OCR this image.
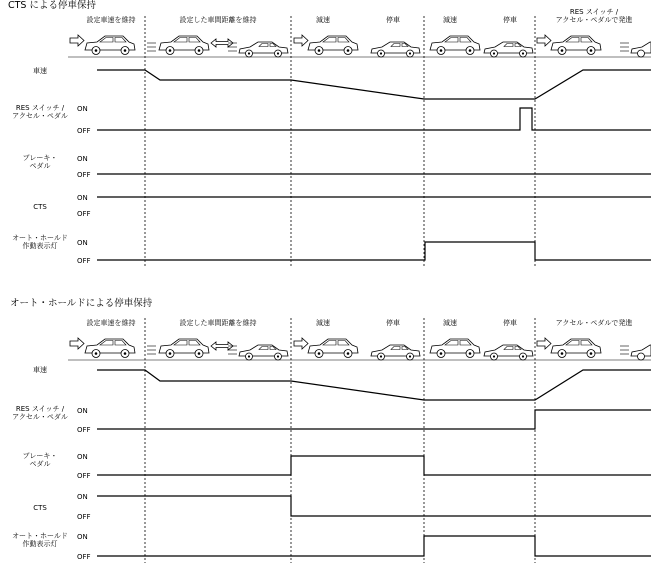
CTS による停車保持
設定車速を維持	設定した車間距離を維持	減速	停車	減速	停車
RES スイッチ /アクセル・ペダルで発進
車速
RES スイッチ /アクセル・ペダル
ON
OFF
ブレーキ・ペダル
ON
OFF
CTS
ON
OFF
オート・ホールド作動表示灯	ON
OFF
オート・ホールドによる停車保持
設定車速を維持	設定した車間距離を維持	減速	停車	減速	停車	アクセル・ペダルで発進
車速
RES スイッチ /アクセル・ペダル
ON
OFF
ブレーキ・ペダル
ON
OFF
CTS
ON
OFF
オート・ホールド作動表示灯
ON
OFF
